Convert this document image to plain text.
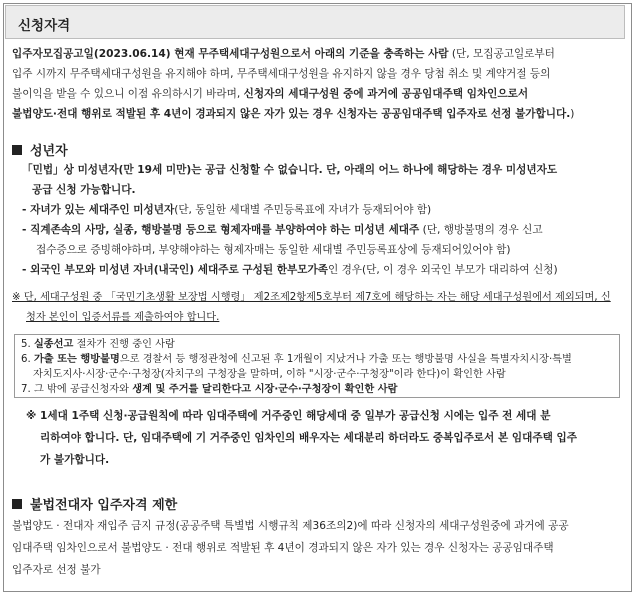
신청자격
입주자모집공고일(2023.06.14) 현재 무주택세대구성원으로서 아래의 기준을 충족하는 사람 (단, 모집공고일로부터
입주 시까지 무주택세대구성원을 유지해야 하며, 무주택세대구성원을 유지하지 않을 경우 당첨 취소 및 계약거절 등의
불이익을 받을 수 있으니 이점 유의하시기 바라며, 신청자의 세대구성원 중에 과거에 공공임대주택 임차인으로서
불법양도·전대 행위로 적발된 후 4년이 경과되지 않은 자가 있는 경우 신청자는 공공임대주택 입주자로 선정 불가합니다.)
성년자
「민법」상 미성년자(만 19세 미만)는 공급 신청할 수 없습니다. 단, 아래의 어느 하나에 해당하는 경우 미성년자도
공급 신청 가능합니다.
- 자녀가 있는 세대주인 미성년자(단, 동일한 세대별 주민등록표에 자녀가 등재되어야 함)
- 직계존속의 사망, 실종, 행방불명 등으로 형제자매를 부양하여야 하는 미성년 세대주 (단, 행방불명의 경우 신고
접수증으로 증빙해야하며, 부양해야하는 형제자매는 동일한 세대별 주민등록표상에 등재되어있어야 함)
- 외국인 부모와 미성년 자녀(내국인) 세대주로 구성된 한부모가족인 경우(단, 이 경우 외국인 부모가 대리하여 신청)
※ 단, 세대구성원 중 「국민기초생활 보장법 시행령」 제2조제2항제5호부터 제7호에 해당하는 자는 해당 세대구성원에서 제외되며, 신
청자 본인이 입증서류를 제출하여야 합니다.
5. 실종선고 절차가 진행 중인 사람
6. 가출 또는 행방불명으로 경찰서 등 행정관청에 신고된 후 1개월이 지났거나 가출 또는 행방불명 사실을 특별자치시장·특별
자치도지사·시장·군수·구청장(자치구의 구청장을 말하며, 이하 "시장·군수·구청장"이라 한다)이 확인한 사람
7. 그 밖에 공급신청자와 생계 및 주거를 달리한다고 시장·군수·구청장이 확인한 사람
※ 1세대 1주택 신청·공급원칙에 따라 임대주택에 거주중인 해당세대 중 일부가 공급신청 시에는 입주 전 세대 분
리하여야 합니다. 단, 임대주택에 기 거주중인 임차인의 배우자는 세대분리 하더라도 중복입주로서 본 임대주택 입주
가 불가합니다.
불법전대자 입주자격 제한
불법양도 · 전대자 재입주 금지 규정(공공주택 특별법 시행규칙 제36조의2)에 따라 신청자의 세대구성원중에 과거에 공공
임대주택 임차인으로서 불법양도 · 전대 행위로 적발된 후 4년이 경과되지 않은 자가 있는 경우 신청자는 공공임대주택
입주자로 선정 불가
